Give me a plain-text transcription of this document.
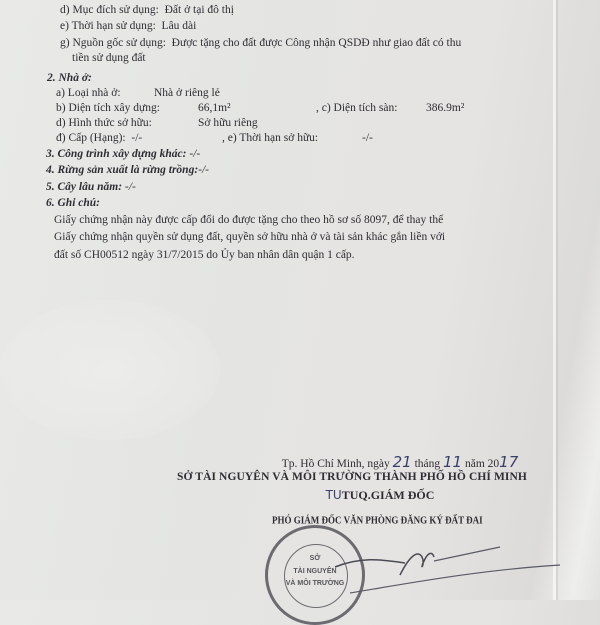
d) Mục đích sử dụng: Đất ở tại đô thị
e) Thời hạn sử dụng: Lâu dài
g) Nguồn gốc sử dụng: Được tặng cho đất được Công nhận QSDĐ như giao đất có thu
tiền sử dụng đất
2. Nhà ở:
a) Loại nhà ở:	Nhà ở riêng lẻ
b) Diện tích xây dựng:	66,1m²	, c) Diện tích sàn: 386.9m²
d) Hình thức sở hữu:	Sở hữu riêng
đ) Cấp (Hạng): -/-	, e) Thời hạn sở hữu:	-/-
3. Công trình xây dựng khác: -/-
4. Rừng sản xuất là rừng trồng:-/-
5. Cây lâu năm: -/-
6. Ghi chú:
Giấy chứng nhận này được cấp đổi do được tặng cho theo hồ sơ số 8097, để thay thế
Giấy chứng nhận quyền sử dụng đất, quyền sở hữu nhà ở và tài sản khác gắn liền với
đất số CH00512 ngày 31/7/2015 do Ủy ban nhân dân quận 1 cấp.
Tp. Hồ Chí Minh, ngày 21 tháng 11 năm 2017
SỞ TÀI NGUYÊN VÀ MÔI TRƯỜNG THÀNH PHỐ HỒ CHÍ MINH
TUTUQ.GIÁM ĐỐC
PHÓ GIÁM ĐỐC VĂN PHÒNG ĐĂNG KÝ ĐẤT ĐAI
SỞ
TÀI NGUYÊN
VÀ MÔI TRƯỜNG
